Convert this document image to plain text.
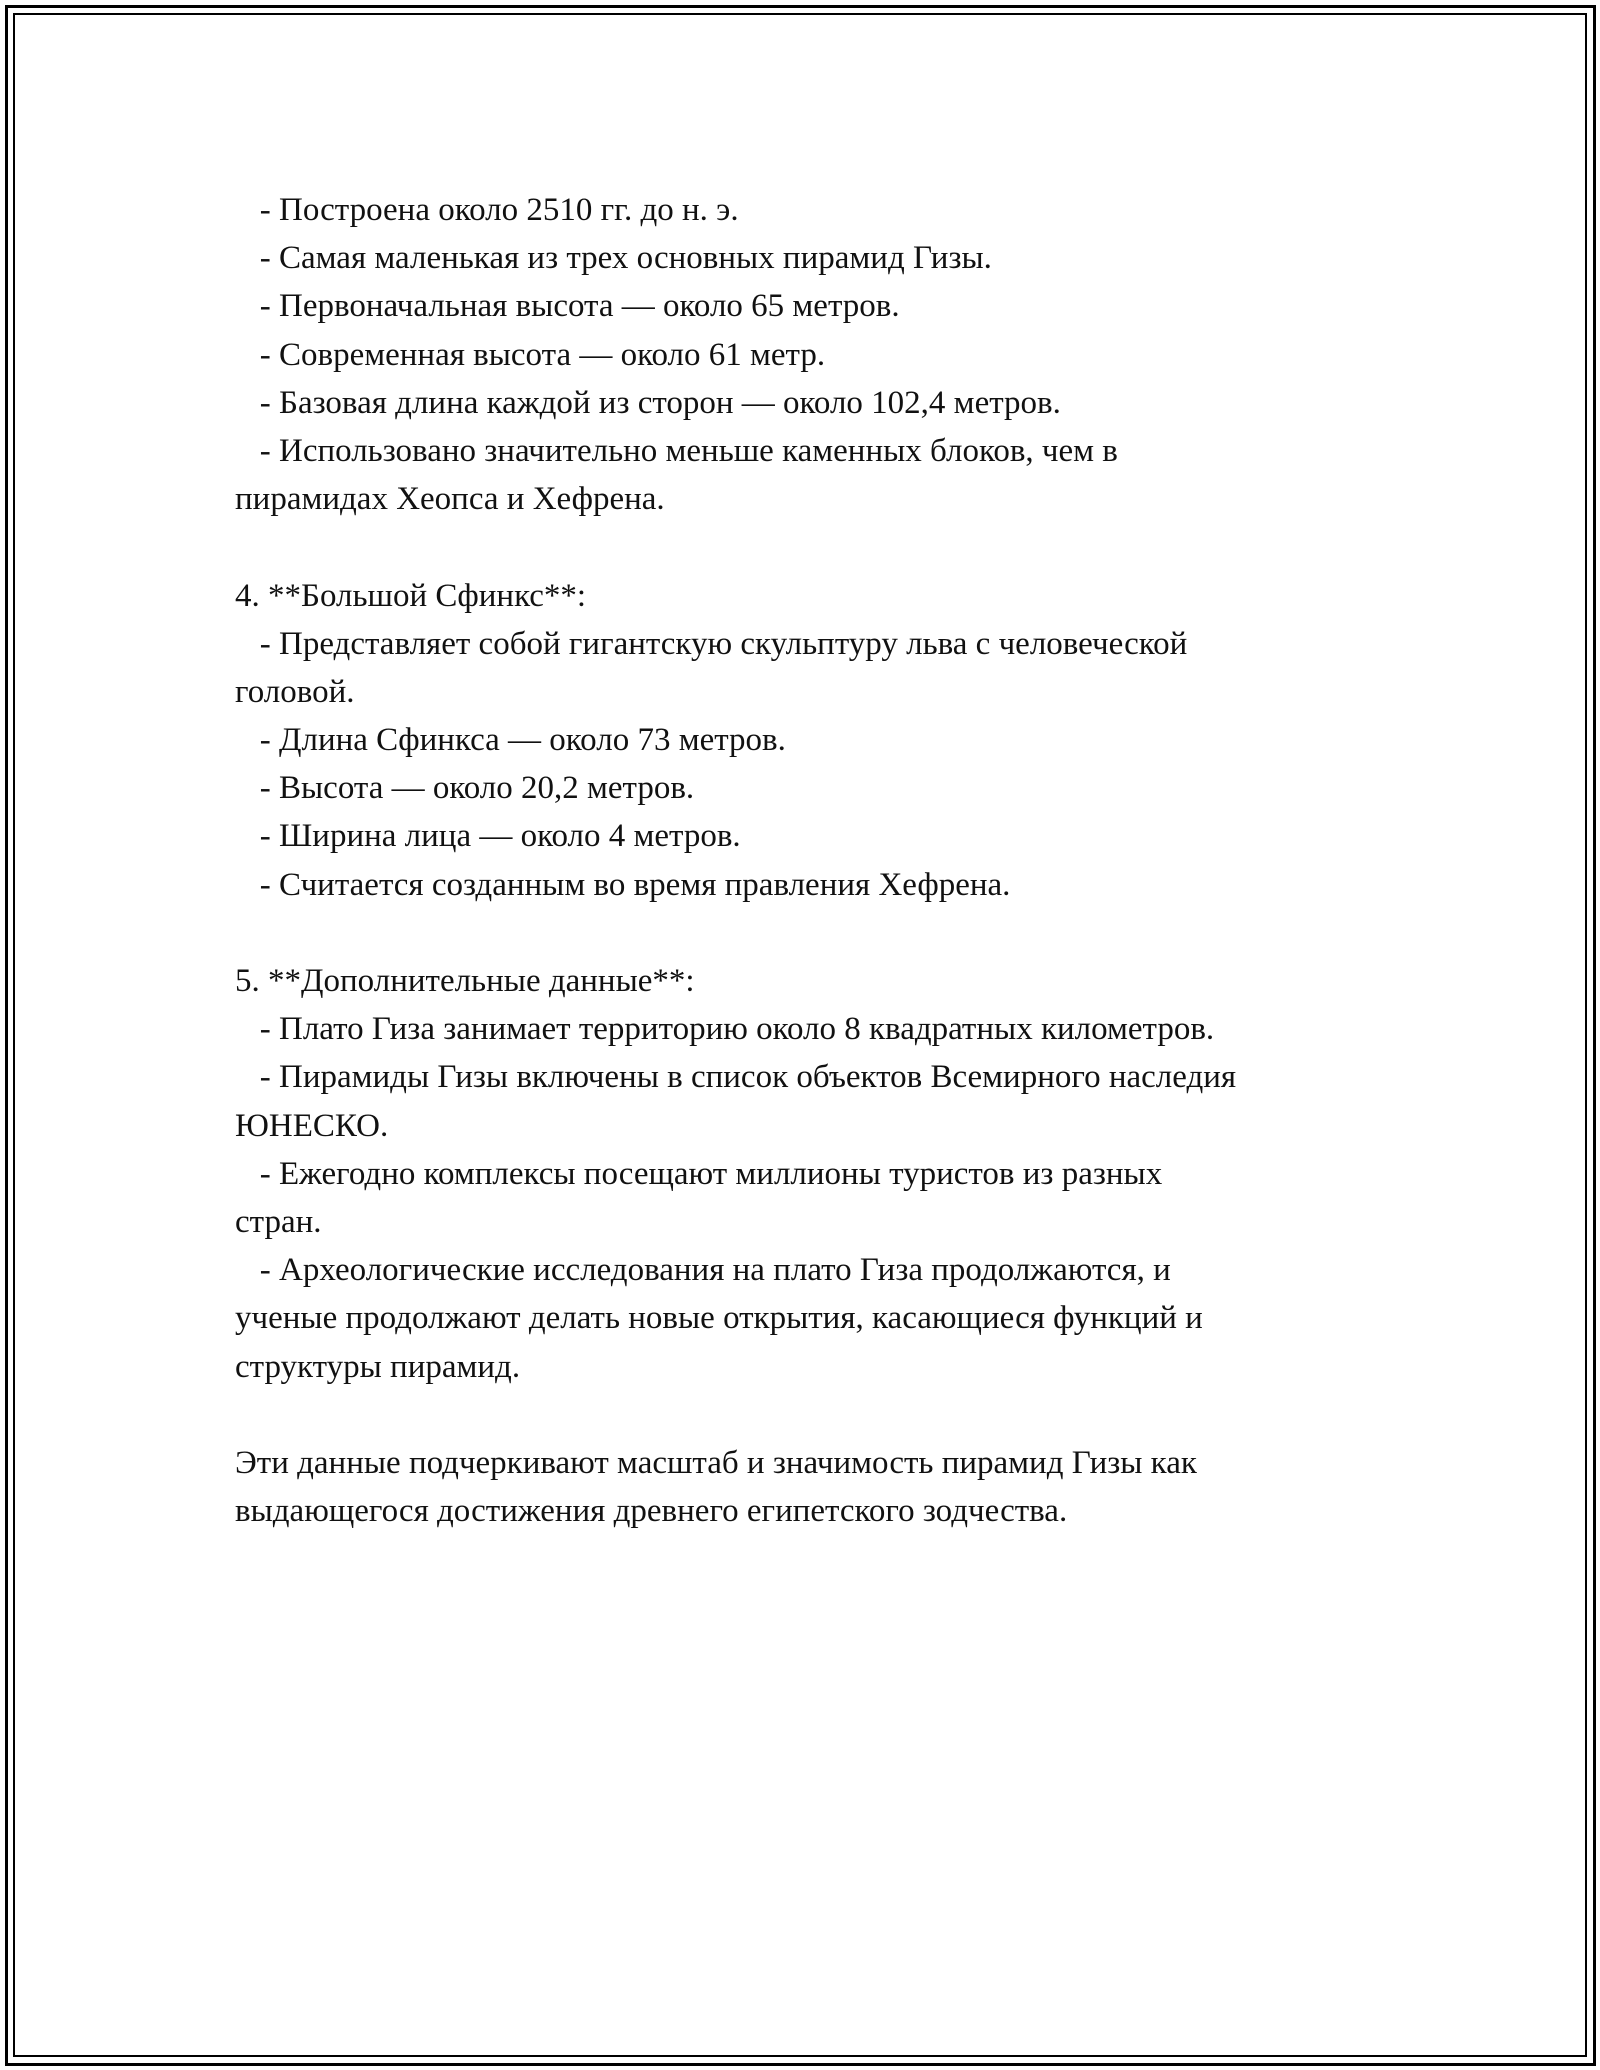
- Построена около 2510 гг. до н. э.
- Самая маленькая из трех основных пирамид Гизы.
- Первоначальная высота — около 65 метров.
- Современная высота — около 61 метр.
- Базовая длина каждой из сторон — около 102,4 метров.
- Использовано значительно меньше каменных блоков, чем в
пирамидах Хеопса и Хефрена.
4. **Большой Сфинкс**:
- Представляет собой гигантскую скульптуру льва с человеческой
головой.
- Длина Сфинкса — около 73 метров.
- Высота — около 20,2 метров.
- Ширина лица — около 4 метров.
- Считается созданным во время правления Хефрена.
5. **Дополнительные данные**:
- Плато Гиза занимает территорию около 8 квадратных километров.
- Пирамиды Гизы включены в список объектов Всемирного наследия
ЮНЕСКО.
- Ежегодно комплексы посещают миллионы туристов из разных
стран.
- Археологические исследования на плато Гиза продолжаются, и
ученые продолжают делать новые открытия, касающиеся функций и
структуры пирамид.
Эти данные подчеркивают масштаб и значимость пирамид Гизы как
выдающегося достижения древнего египетского зодчества.
